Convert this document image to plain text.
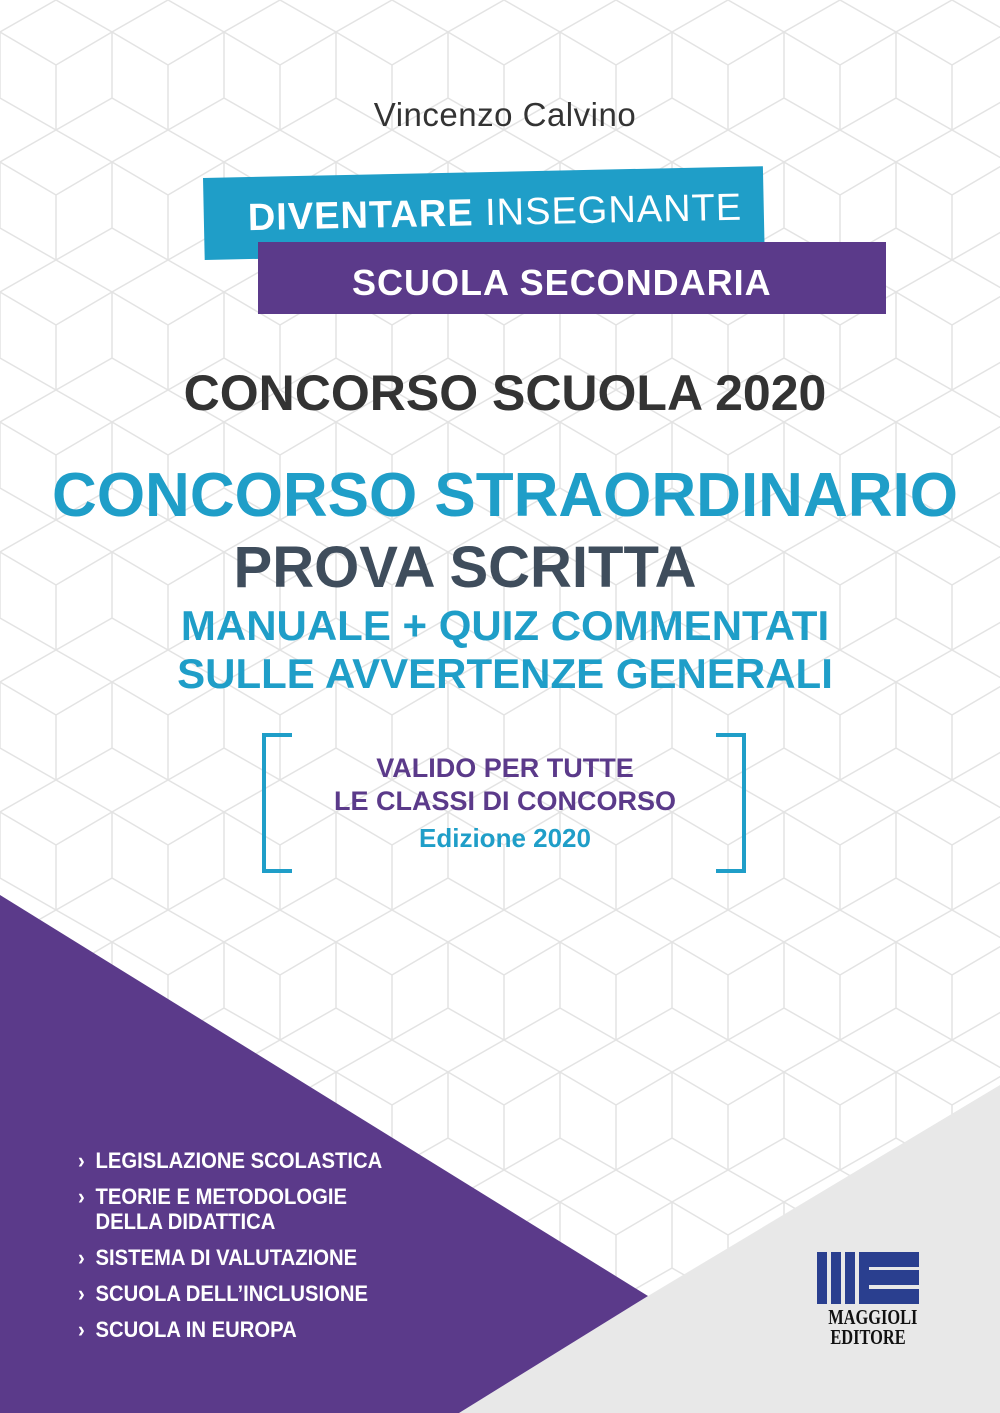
Vincenzo Calvino
DIVENTARE INSEGNANTE
SCUOLA SECONDARIA
CONCORSO SCUOLA 2020
CONCORSO STRAORDINARIO
PROVA SCRITTA
MANUALE + QUIZ COMMENTATI
SULLE AVVERTENZE GENERALI
VALIDO PER TUTTE
LE CLASSI DI CONCORSO
Edizione 2020
› LEGISLAZIONE SCOLASTICA
› TEORIE E METODOLOGIE
DELLA DIDATTICA
› SISTEMA DI VALUTAZIONE
› SCUOLA DELL’INCLUSIONE
› SCUOLA IN EUROPA	MAGGIOLI
EDITORE
